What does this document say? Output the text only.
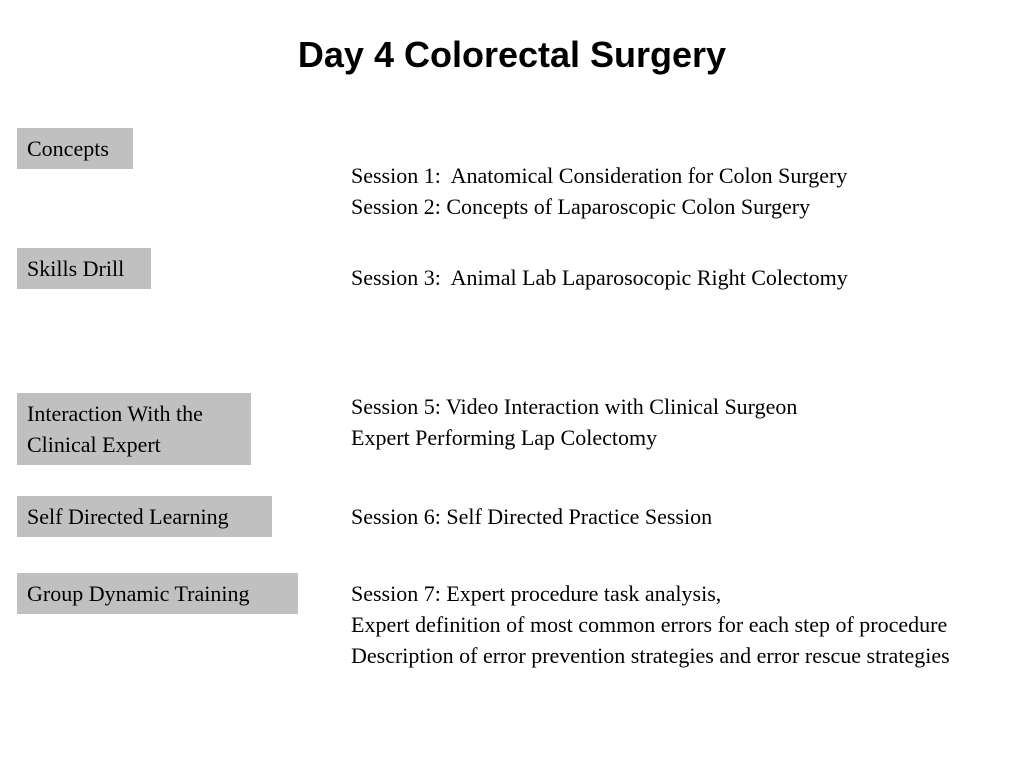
Day 4 Colorectal Surgery
Concepts
Skills Drill
Interaction With the
Clinical Expert
Self Directed Learning
Group Dynamic Training
Session 1:  Anatomical Consideration for Colon Surgery
Session 2: Concepts of Laparoscopic Colon Surgery
Session 3:  Animal Lab Laparosocopic Right Colectomy
Session 5: Video Interaction with Clinical Surgeon
Expert Performing Lap Colectomy
Session 6: Self Directed Practice Session
Session 7: Expert procedure task analysis,
Expert definition of most common errors for each step of procedure
Description of error prevention strategies and error rescue strategies
